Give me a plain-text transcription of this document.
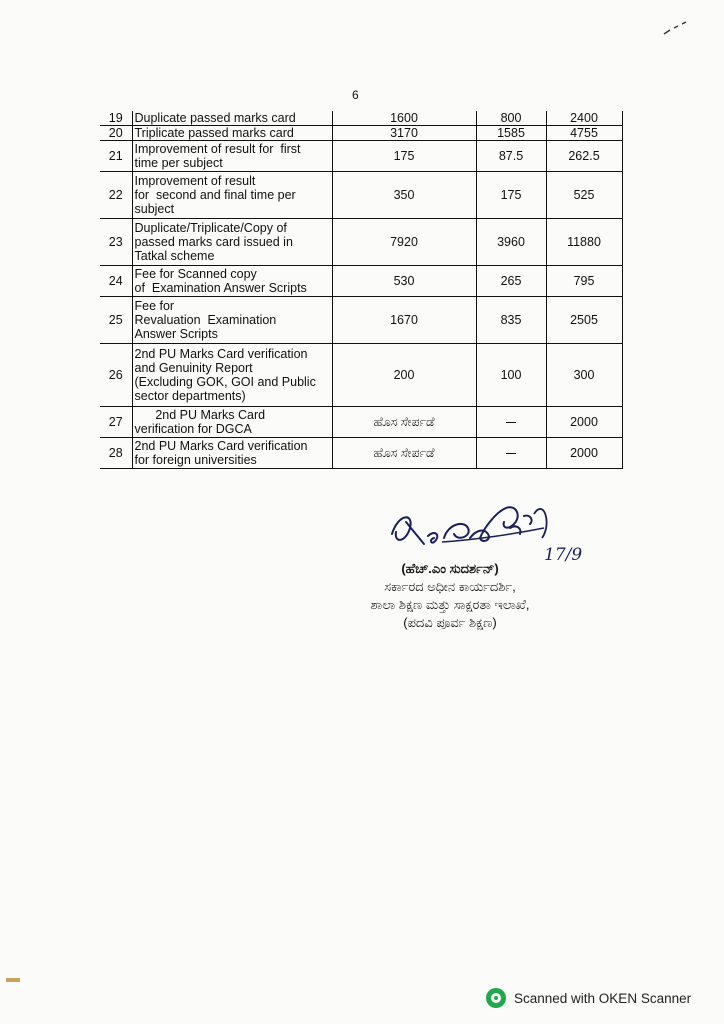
6
19	Duplicate passed marks card	1600	800	2400
20	Triplicate passed marks card	3170	1585	4755
21	Improvement of result for  first
time per subject	175	87.5	262.5
22	Improvement of result
for  second and final time per
subject	350	175	525
23	Duplicate/Triplicate/Copy of
passed marks card issued in
Tatkal scheme	7920	3960	11880
24	Fee for Scanned copy
of  Examination Answer Scripts	530	265	795
25	Fee for
Revaluation  Examination
Answer Scripts	1670	835	2505
26	2nd PU Marks Card verification
and Genuinity Report
(Excluding GOK, GOI and Public
sector departments)	200	100	300
27	2nd PU Marks Card
verification for DGCA	ಹೊಸ ಸೇರ್ಪಡೆ		2000
28	2nd PU Marks Card verification
for foreign universities	ಹೊಸ ಸೇರ್ಪಡೆ		2000
17/9
(ಹೆಚ್.ಎಂ ಸುದರ್ಶನ್)
ಸರ್ಕಾರದ ಅಧೀನ ಕಾರ್ಯದರ್ಶಿ,
ಶಾಲಾ ಶಿಕ್ಷಣ ಮತ್ತು ಸಾಕ್ಷರತಾ ಇಲಾಖೆ,
(ಪದವಿ ಪೂರ್ವ ಶಿಕ್ಷಣ)
Scanned with OKEN Scanner
